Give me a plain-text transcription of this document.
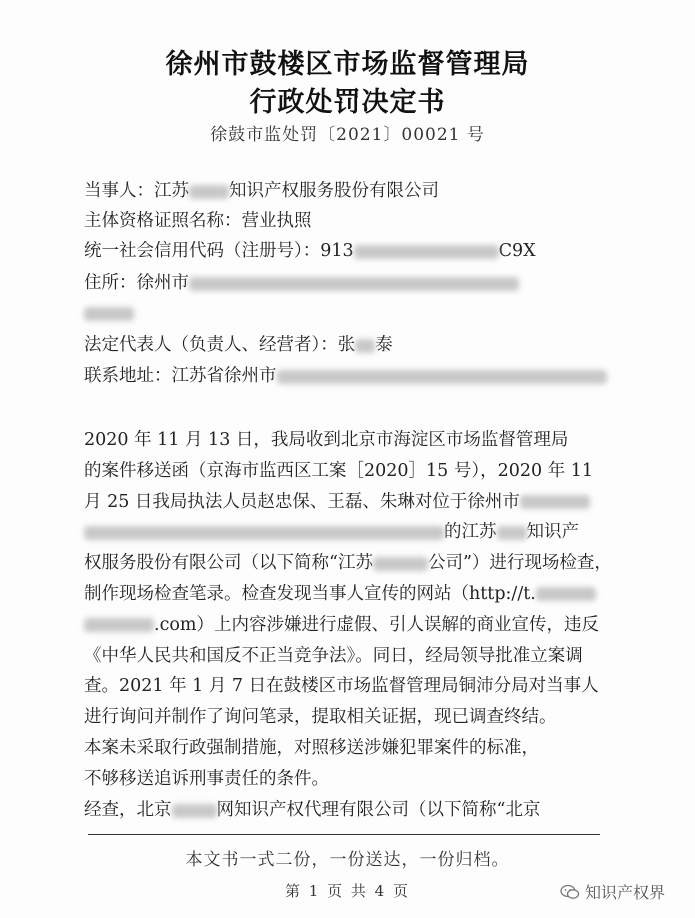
徐州市鼓楼区市场监督管理局
行政处罚决定书
徐鼓市监处罚〔2021〕00021 号
当事人：江苏 知识产权服务股份有限公司
主体资格证照名称：营业执照
统一社会信用代码（注册号）：913	C9X
住所：徐州市
法定代表人（负责人、经营者）：张 泰
联系地址：江苏省徐州市
2020 年 11 月 13 日，我局收到北京市海淀区市场监督管理局
的案件移送函（京海市监西区工案［2020］15 号），2020 年 11
月 25 日我局执法人员赵忠保、王磊、朱琳对位于徐州市
的江苏 知识产
权服务股份有限公司（以下简称“江苏	公司”）进行现场检查，
制作现场检查笔录。检查发现当事人宣传的网站（http://t.
.com）上内容涉嫌进行虚假、引人误解的商业宣传，违反
《中华人民共和国反不正当竞争法》。同日，经局领导批准立案调
查。2021 年 1 月 7 日在鼓楼区市场监督管理局铜沛分局对当事人
进行询问并制作了询问笔录，提取相关证据，现已调查终结。
本案未采取行政强制措施，对照移送涉嫌犯罪案件的标准，
不够移送追诉刑事责任的条件。
经查，北京	网知识产权代理有限公司（以下简称“北京
本文书一式二份，一份送达，一份归档。
第 1 页 共 4 页	知识产权界
